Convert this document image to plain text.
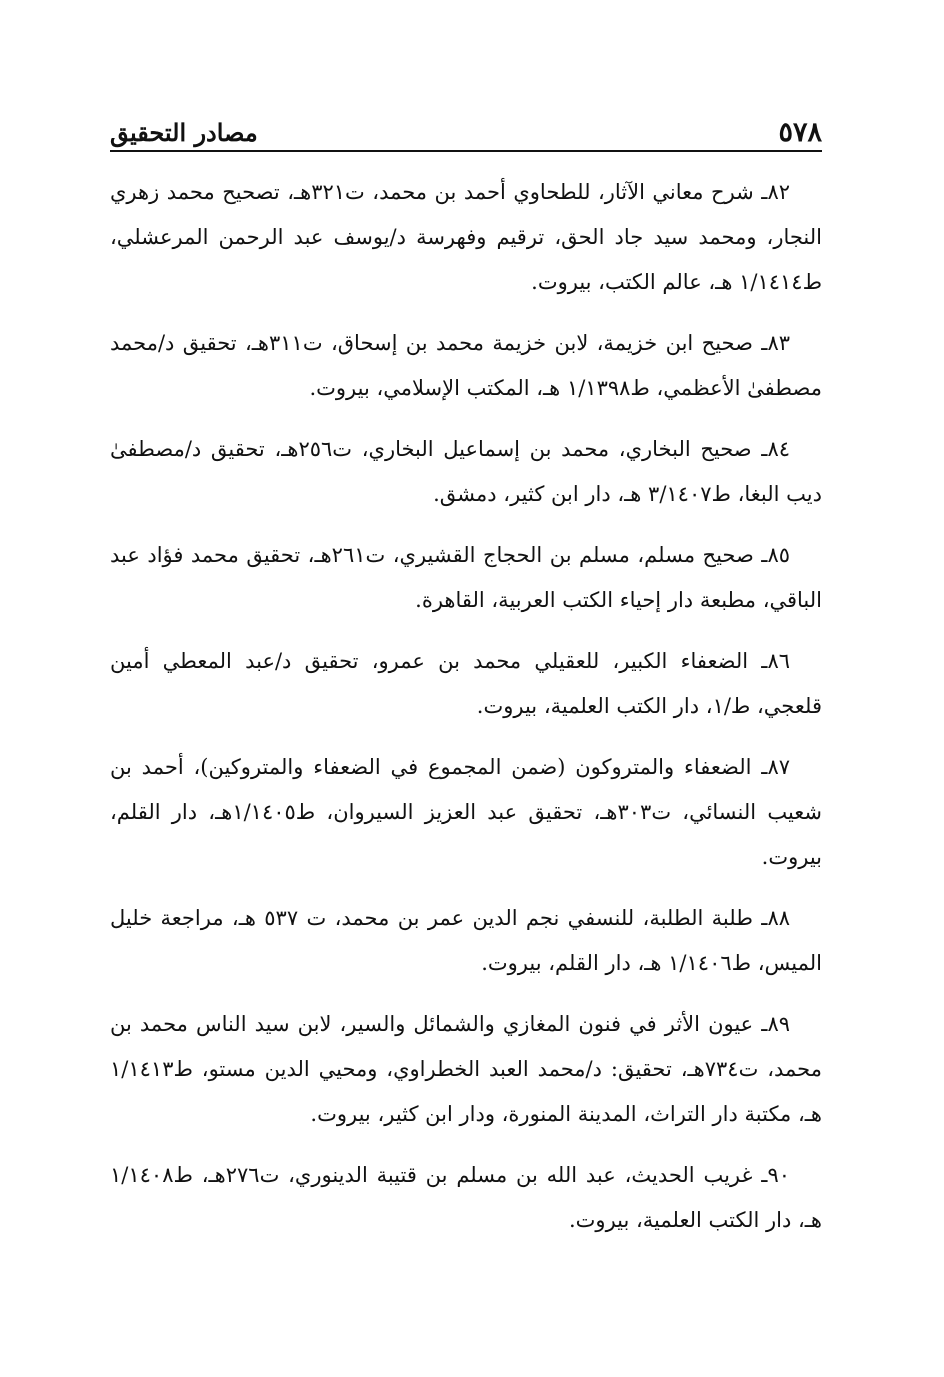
٥٧٨
مصادر التحقيق

٨٢ـ شرح معاني الآثار، للطحاوي أحمد بن محمد، ت٣٢١هـ، تصحيح محمد زهري النجار، ومحمد سيد جاد الحق، ترقيم وفهرسة د/يوسف عبد الرحمن المرعشلي، ط١/١٤١٤ هـ، عالم الكتب، بيروت.

٨٣ـ صحيح ابن خزيمة، لابن خزيمة محمد بن إسحاق، ت٣١١هـ، تحقيق د/محمد مصطفىٰ الأعظمي، ط١/١٣٩٨ هـ، المكتب الإسلامي، بيروت.

٨٤ـ صحيح البخاري، محمد بن إسماعيل البخاري، ت٢٥٦هـ، تحقيق د/مصطفىٰ ديب البغا، ط٣/١٤٠٧ هـ، دار ابن كثير، دمشق.

٨٥ـ صحيح مسلم، مسلم بن الحجاج القشيري، ت٢٦١هـ، تحقيق محمد فؤاد عبد الباقي، مطبعة دار إحياء الكتب العربية، القاهرة.

٨٦ـ الضعفاء الكبير، للعقيلي محمد بن عمرو، تحقيق د/عبد المعطي أمين قلعجي، ط/١، دار الكتب العلمية، بيروت.

٨٧ـ الضعفاء والمتروكون (ضمن المجموع في الضعفاء والمتروكين)، أحمد بن شعيب النسائي، ت٣٠٣هـ، تحقيق عبد العزيز السيروان، ط١/١٤٠٥هـ، دار القلم، بيروت.

٨٨ـ طلبة الطلبة، للنسفي نجم الدين عمر بن محمد، ت ٥٣٧ هـ، مراجعة خليل الميس، ط١/١٤٠٦ هـ، دار القلم، بيروت.

٨٩ـ عيون الأثر في فنون المغازي والشمائل والسير، لابن سيد الناس محمد بن محمد، ت٧٣٤هـ، تحقيق: د/محمد العبد الخطراوي، ومحيي الدين مستو، ط١/١٤١٣ هـ، مكتبة دار التراث، المدينة المنورة، ودار ابن كثير، بيروت.

٩٠ـ غريب الحديث، عبد الله بن مسلم بن قتيبة الدينوري، ت٢٧٦هـ، ط١/١٤٠٨ هـ، دار الكتب العلمية، بيروت.
